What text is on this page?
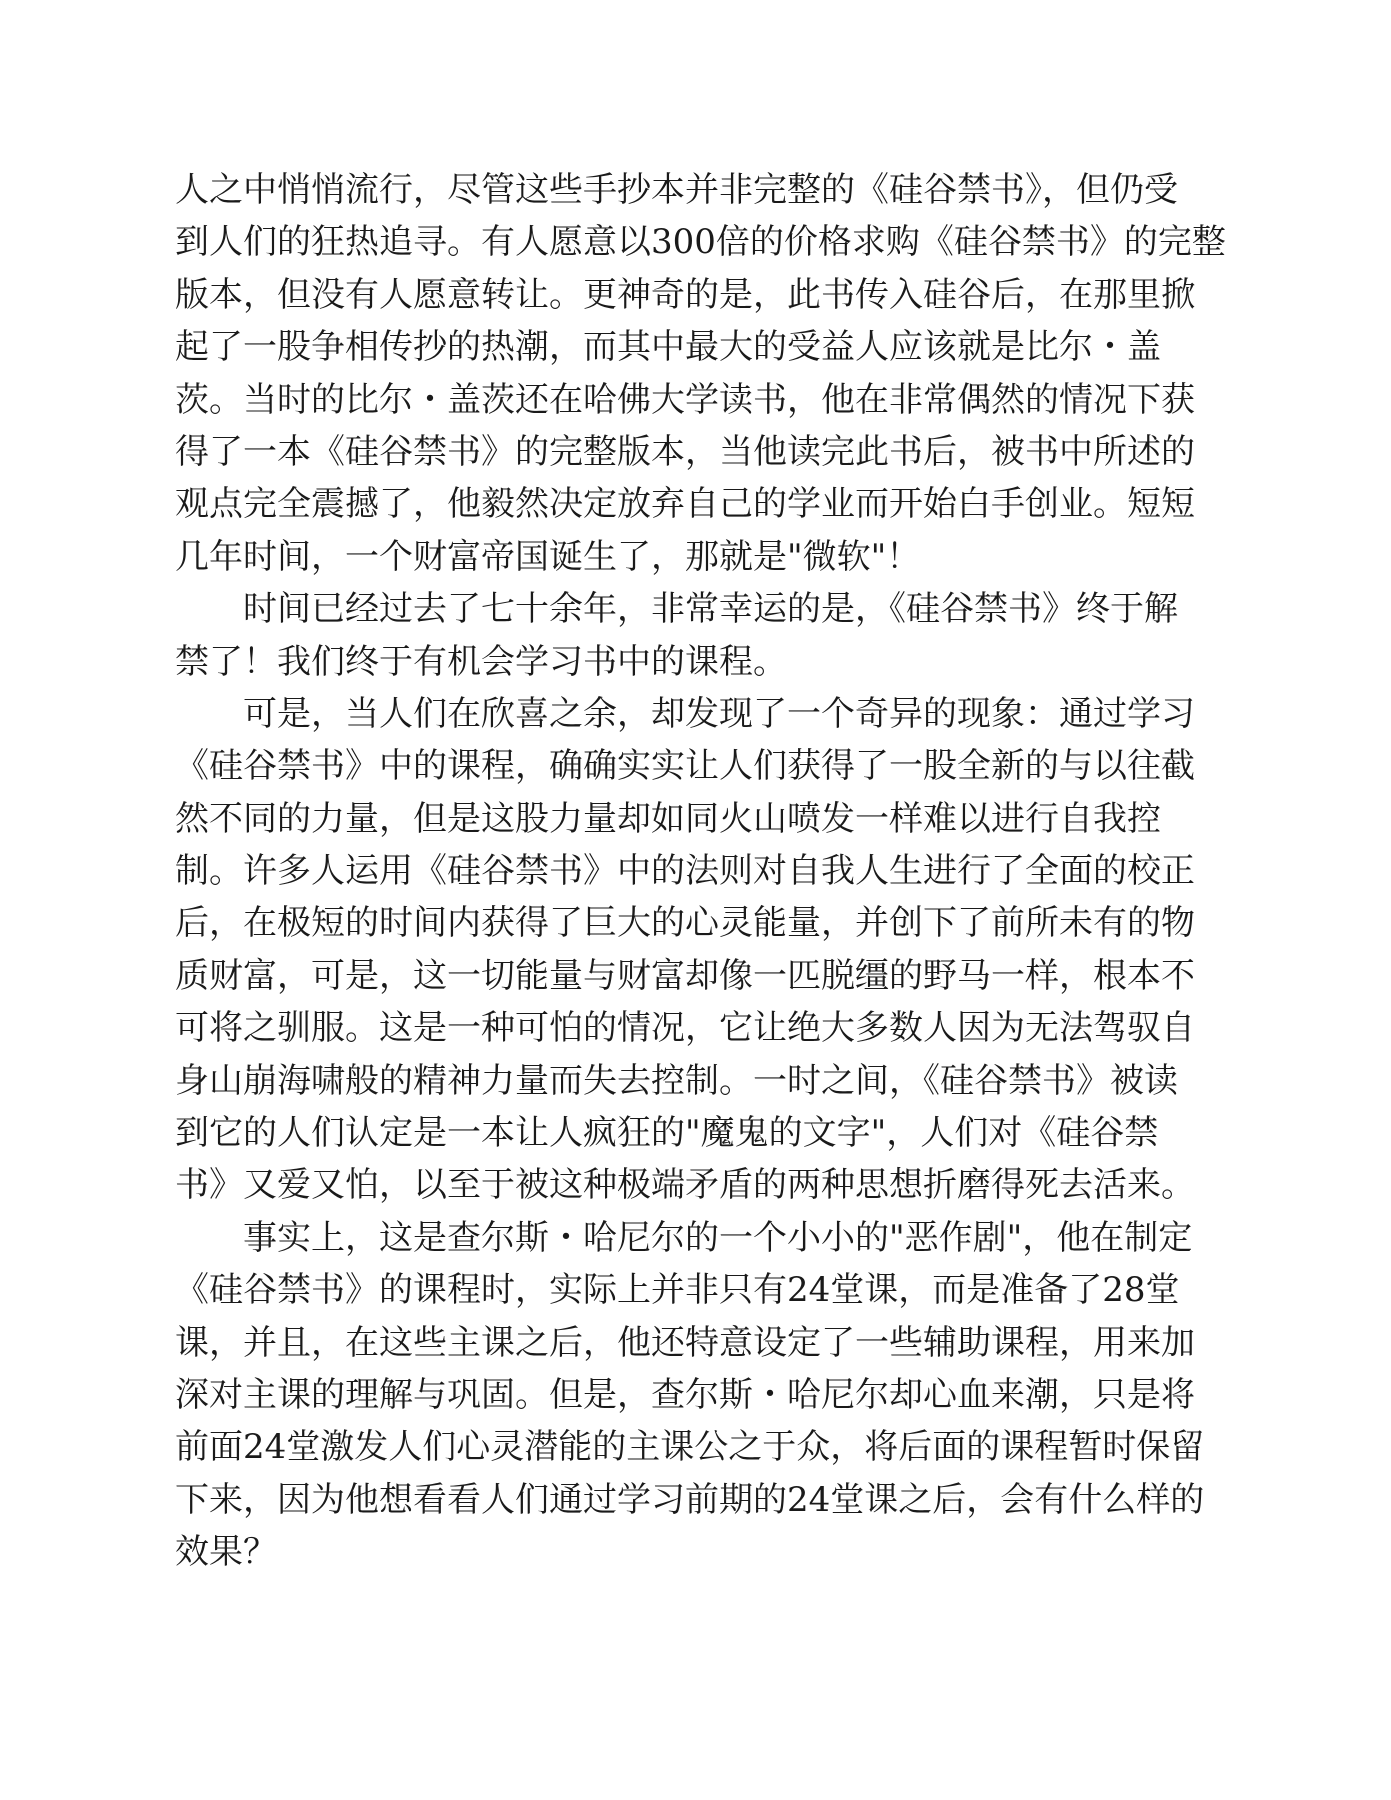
人之中悄悄流行，尽管这些手抄本并非完整的《硅谷禁书》，但仍受
到人们的狂热追寻。有人愿意以300倍的价格求购《硅谷禁书》的完整
版本，但没有人愿意转让。更神奇的是，此书传入硅谷后，在那里掀
起了一股争相传抄的热潮，而其中最大的受益人应该就是比尔・盖
茨。当时的比尔・盖茨还在哈佛大学读书，他在非常偶然的情况下获
得了一本《硅谷禁书》的完整版本，当他读完此书后，被书中所述的
观点完全震撼了，他毅然决定放弃自己的学业而开始白手创业。短短
几年时间，一个财富帝国诞生了，那就是"微软"！
时间已经过去了七十余年，非常幸运的是，《硅谷禁书》终于解
禁了！我们终于有机会学习书中的课程。
可是，当人们在欣喜之余，却发现了一个奇异的现象：通过学习
《硅谷禁书》中的课程，确确实实让人们获得了一股全新的与以往截
然不同的力量，但是这股力量却如同火山喷发一样难以进行自我控
制。许多人运用《硅谷禁书》中的法则对自我人生进行了全面的校正
后，在极短的时间内获得了巨大的心灵能量，并创下了前所未有的物
质财富，可是，这一切能量与财富却像一匹脱缰的野马一样，根本不
可将之驯服。这是一种可怕的情况，它让绝大多数人因为无法驾驭自
身山崩海啸般的精神力量而失去控制。一时之间，《硅谷禁书》被读
到它的人们认定是一本让人疯狂的"魔鬼的文字"，人们对《硅谷禁
书》又爱又怕，以至于被这种极端矛盾的两种思想折磨得死去活来。
事实上，这是查尔斯・哈尼尔的一个小小的"恶作剧"，他在制定
《硅谷禁书》的课程时，实际上并非只有24堂课，而是准备了28堂
课，并且，在这些主课之后，他还特意设定了一些辅助课程，用来加
深对主课的理解与巩固。但是，查尔斯・哈尼尔却心血来潮，只是将
前面24堂激发人们心灵潜能的主课公之于众，将后面的课程暂时保留
下来，因为他想看看人们通过学习前期的24堂课之后，会有什么样的
效果？
